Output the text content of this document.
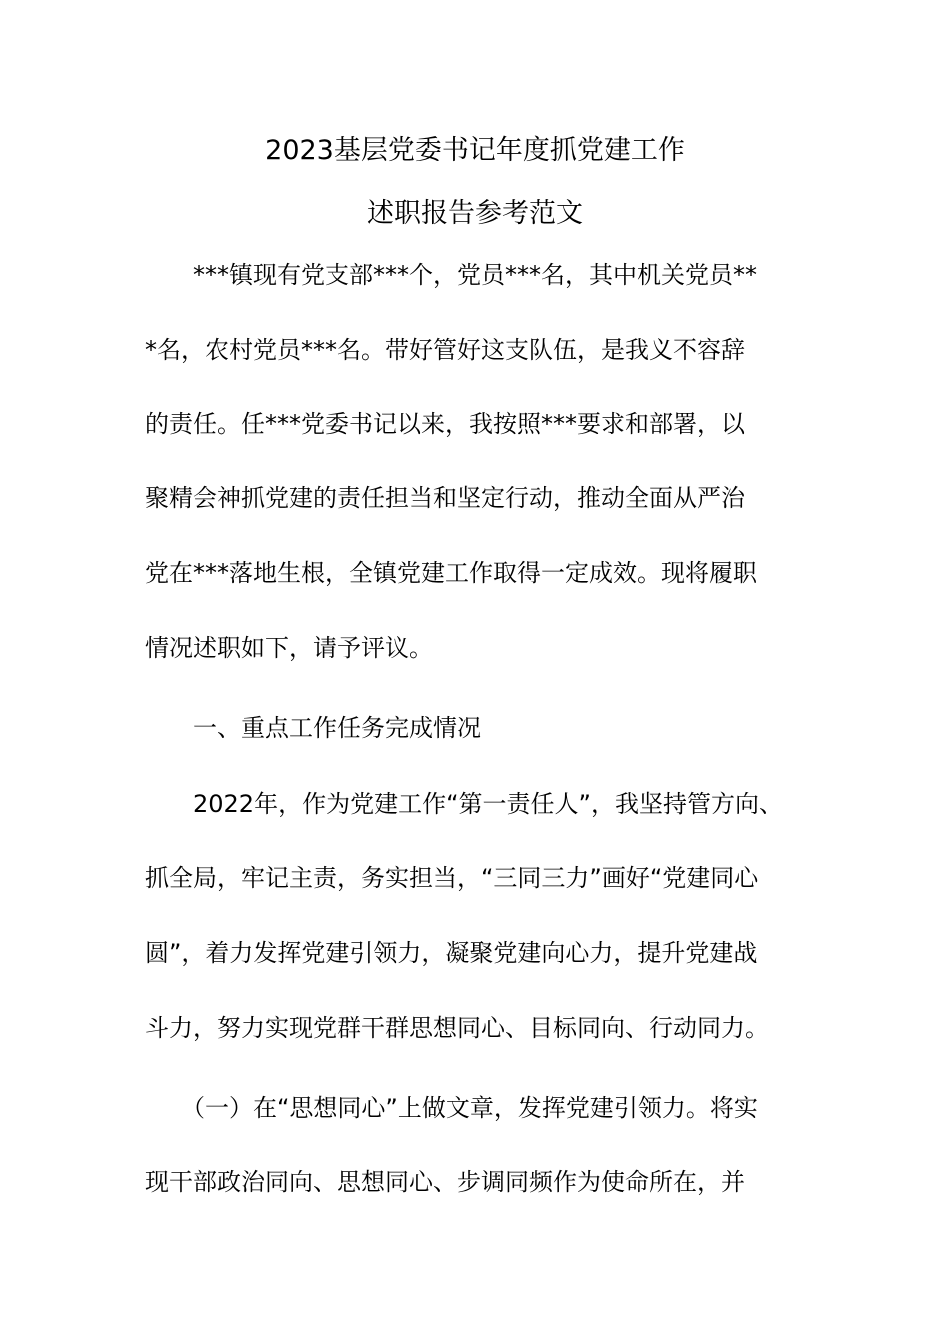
2023基层党委书记年度抓党建工作
述职报告参考范文
　　***镇现有党支部***个，党员***名，其中机关党员**
*名，农村党员***名。带好管好这支队伍，是我义不容辞
的责任。任***党委书记以来，我按照***要求和部署，以
聚精会神抓党建的责任担当和坚定行动，推动全面从严治
党在***落地生根，全镇党建工作取得一定成效。现将履职
情况述职如下，请予评议。
　　一、重点工作任务完成情况
　　2022年，作为党建工作“第一责任人”，我坚持管方向、
抓全局，牢记主责，务实担当，“三同三力”画好“党建同心
圆”，着力发挥党建引领力，凝聚党建向心力，提升党建战
斗力，努力实现党群干群思想同心、目标同向、行动同力。
　　（一）在“思想同心”上做文章，发挥党建引领力。将实
现干部政治同向、思想同心、步调同频作为使命所在，并
